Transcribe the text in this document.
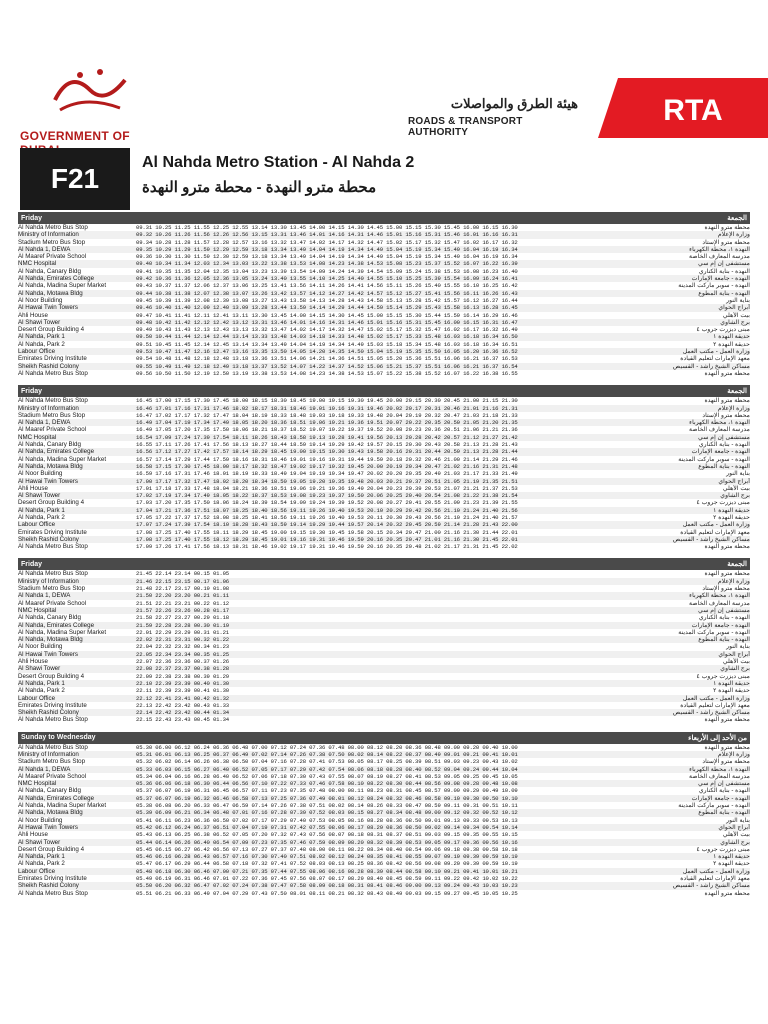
GOVERNMENT OF
هيئة الطرق والمواصلات
ROADS & TRANSPORT AUTHORITY
RTA
F21
Al Nahda Metro Station - Al Nahda 2
محطة مترو النهدة - محطة مترو النهدة
Friday	الجمعة
Al Nahda Metro Bus Stop	09.31 10.25 11.25 11.55 12.25 12.55 13.14 13.30 13.45 14.00 14.15 14.30 14.45 15.00 15.15 15.30 15.45 16.00 16.15 16.30	محطة مترو النهدة
Ministry of Information	09.32 10.26 11.26 11.56 12.26 12.56 13.15 13.31 13.46 14.01 14.16 14.31 14.46 15.01 15.16 15.31 15.46 16.01 16.16 16.31	وزارة الإعلام
Stadium Metro Bus Stop	09.34 10.28 11.28 11.57 12.28 12.57 13.16 13.32 13.47 14.02 14.17 14.32 14.47 15.02 15.17 15.32 15.47 16.02 16.17 16.32	محطة مترو الإستاد
Al Nahda 1, DEWA	09.35 10.29 11.29 11.59 12.29 12.59 13.18 13.34 13.49 14.04 14.19 14.34 14.49 15.04 15.19 15.34 15.49 16.04 16.19 16.34	النهدة ١، محطة الكهرباء
Al Maaref Private School	09.36 10.30 11.30 11.59 12.30 12.59 13.18 13.34 13.49 14.04 14.19 14.34 14.49 15.04 15.19 15.34 15.49 16.04 16.19 16.34	مدرسة المعارف الخاصة
NMC Hospital	09.40 10.34 11.34 12.03 12.34 13.03 13.22 13.38 13.53 14.08 14.23 14.38 14.53 15.08 15.23 15.37 15.52 16.07 16.22 16.39	مستشفى إن إم سي
Al Nahda, Canary Bldg	09.41 10.35 11.35 12.04 12.35 13.04 13.23 13.39 13.54 14.09 14.24 14.39 14.54 15.09 15.24 15.38 15.53 16.08 16.23 16.40	النهدة - بناية الكناري
Al Nahda, Emirates College	09.42 10.36 11.36 12.05 12.36 13.05 13.24 13.40 13.55 14.10 14.25 14.40 14.55 15.10 15.25 15.39 15.54 16.09 16.24 16.41	النهدة - جامعة الإمارات
Al Nahda, Madina Super Market	09.43 10.37 11.37 12.06 12.37 13.06 13.25 13.41 13.56 14.11 14.26 14.41 14.56 15.11 15.26 15.40 15.55 16.10 16.25 16.42	النهدة - سوبر ماركت المدينة
Al Nahda, Motawa Bldg	09.44 10.38 11.38 12.07 12.38 13.07 13.26 13.42 13.57 14.12 14.27 14.42 14.57 15.12 15.27 15.41 15.56 16.11 16.26 16.43	النهدة - بناية المطوع
Al Noor Building	09.45 10.39 11.39 12.08 12.39 13.08 13.27 13.43 13.58 14.13 14.28 14.43 14.58 15.13 15.28 15.42 15.57 16.12 16.27 16.44	بناية النور
Al Hawai Twin Towers	09.46 10.40 11.40 12.09 12.40 13.09 13.28 13.44 13.59 14.14 14.29 14.44 14.59 15.14 15.29 15.43 15.58 16.13 16.28 16.45	أبراج الحواي
Ahli House	09.47 10.41 11.41 12.11 12.41 13.11 13.30 13.45 14.00 14.15 14.30 14.45 15.00 15.15 15.30 15.44 15.59 16.14 16.29 16.46	بيت الأهلي
Al Shawi Tower	09.48 10.42 11.42 12.12 12.42 13.12 13.31 13.46 14.01 14.16 14.31 14.46 15.01 15.16 15.31 15.45 16.00 16.15 16.31 16.47	برج الشاوي
Desert Group Building 4	09.49 10.43 11.43 12.13 12.43 13.13 13.32 13.47 14.02 14.17 14.32 14.47 15.02 15.17 15.32 15.47 16.02 16.17 16.32 16.49	مبنى ديزرت جروب ٤
Al Nahda, Park 1	09.50 10.44 11.44 12.14 12.44 13.14 13.33 13.48 14.03 14.18 14.33 14.48 15.02 15.17 15.33 15.48 16.03 16.18 16.34 16.50	حديقة النهدة ١
Al Nahda, Park 2	09.51 10.45 11.45 12.14 12.45 13.14 13.34 13.49 14.04 14.19 14.34 14.49 15.03 15.18 15.34 15.48 16.03 16.18 16.34 16.51	حديقة النهدة ٢
Labour Office	09.53 10.47 11.47 12.16 12.47 13.16 13.35 13.50 14.05 14.20 14.35 14.50 15.04 15.19 15.35 15.50 16.05 16.20 16.36 16.52	وزارة العمل - مكتب العمل
Emirates Driving Institute	09.54 10.48 11.48 12.18 12.48 13.18 13.36 13.51 14.06 14.21 14.36 14.51 15.05 15.20 15.36 15.51 16.06 16.21 16.37 16.53	معهد الإمارات لتعليم القيادة
Sheikh Rashid Colony	09.55 10.49 11.49 12.18 12.49 13.18 13.37 13.52 14.07 14.22 14.37 14.52 15.06 15.21 15.37 15.51 16.06 16.21 16.37 16.54	مساكن الشيخ راشد - القسيص
Al Nahda Metro Bus Stop	09.56 10.50 11.50 12.19 12.50 13.19 13.38 13.53 14.08 14.23 14.38 14.53 15.07 15.22 15.38 15.52 16.07 16.22 16.38 16.55	محطة مترو النهدة
Friday	الجمعة
Al Nahda Metro Bus Stop	16.45 17.00 17.15 17.30 17.45 18.00 18.15 18.30 18.45 19.00 19.15 19.30 19.45 20.00 20.15 20.30 20.45 21.00 21.15 21.30	محطة مترو النهدة
Ministry of Information	16.46 17.01 17.16 17.31 17.46 18.02 18.17 18.31 18.46 19.01 19.16 19.31 19.46 20.02 20.17 20.31 20.46 21.01 21.16 21.31	وزارة الإعلام
Stadium Metro Bus Stop	16.47 17.02 17.17 17.32 17.47 18.04 18.19 18.33 18.48 19.03 19.18 19.33 19.48 20.04 20.19 20.32 20.47 21.03 21.18 21.33	محطة مترو الإستاد
Al Nahda 1, DEWA	16.49 17.04 17.19 17.34 17.49 18.05 18.20 18.36 18.51 19.06 19.21 19.36 19.51 20.07 20.22 20.35 20.50 21.05 21.20 21.35	النهدة ١، محطة الكهرباء
Al Maaref Private School	16.49 17.05 17.20 17.35 17.50 18.06 18.21 18.37 18.52 19.07 19.22 19.37 19.52 20.08 20.23 20.36 20.51 21.06 21.21 21.36	مدرسة المعارف الخاصة
NMC Hospital	16.54 17.09 17.24 17.39 17.54 18.11 18.26 18.43 18.58 19.13 19.28 19.41 19.56 20.13 20.28 20.42 20.57 21.12 21.27 21.42	مستشفى إن إم سي
Al Nahda, Canary Bldg	16.55 17.11 17.26 17.41 17.56 18.13 18.27 18.44 18.59 19.14 19.29 19.42 19.57 20.15 20.30 20.43 20.58 21.13 21.28 21.43	النهدة - بناية الكناري
Al Nahda, Emirates College	16.56 17.12 17.27 17.42 17.57 18.14 18.29 18.45 19.00 19.15 19.30 19.43 19.58 20.16 20.31 20.44 20.59 21.13 21.28 21.44	النهدة - جامعة الإمارات
Al Nahda, Madina Super Market	16.57 17.14 17.29 17.44 17.59 18.16 18.31 18.46 19.01 19.16 19.31 19.44 19.59 20.18 20.32 20.46 21.00 21.14 21.29 21.46	النهدة - سوبر ماركت المدينة
Al Nahda, Motawa Bldg	16.58 17.15 17.30 17.45 18.00 18.17 18.32 18.47 19.02 19.17 19.32 19.45 20.00 20.19 20.34 20.47 21.02 21.16 21.31 21.48	النهدة - بناية المطوع
Al Noor Building	16.59 17.16 17.31 17.46 18.01 18.19 18.33 18.49 19.04 19.19 19.34 19.47 20.02 20.20 20.35 20.49 21.03 21.17 21.33 21.49	بناية النور
Al Hawai Twin Towers	17.00 17.17 17.32 17.47 18.02 18.20 18.34 18.50 19.05 19.20 19.35 19.48 20.03 20.21 20.37 20.51 21.05 21.19 21.35 21.51	أبراج الحواي
Ahli House	17.01 17.18 17.33 17.48 18.04 18.21 18.36 18.51 19.06 19.21 19.36 19.49 20.04 20.23 20.39 20.53 21.07 21.21 21.37 21.53	بيت الأهلي
Al Shawi Tower	17.02 17.19 17.34 17.49 18.05 18.22 18.37 18.53 19.08 19.23 19.37 19.50 20.06 20.25 20.40 20.54 21.08 21.22 21.38 21.54	برج الشاوي
Desert Group Building 4	17.03 17.20 17.35 17.50 18.06 18.24 18.39 18.54 19.09 19.24 19.39 19.52 20.08 20.27 20.41 20.55 21.09 21.23 21.39 21.55	مبنى ديزرت جروب ٤
Al Nahda, Park 1	17.04 17.21 17.36 17.51 18.07 18.25 18.40 18.56 19.11 19.26 19.40 19.53 20.10 20.29 20.42 20.56 21.10 21.24 21.40 21.56	حديقة النهدة ١
Al Nahda, Park 2	17.05 17.22 17.37 17.52 18.08 18.25 18.41 18.56 19.11 19.26 19.40 19.53 20.11 20.30 20.43 20.56 21.10 21.24 21.40 21.57	حديقة النهدة ٢
Labour Office	17.07 17.24 17.39 17.54 18.10 18.28 18.43 18.59 19.14 19.29 19.44 19.57 20.14 20.32 20.45 20.59 21.14 21.28 21.43 22.00	وزارة العمل - مكتب العمل
Emirates Driving Institute	17.08 17.25 17.40 17.55 18.11 18.29 18.45 19.00 19.15 19.30 19.45 19.58 20.15 20.34 20.47 21.00 21.16 21.30 21.44 22.01	معهد الإمارات لتعليم القيادة
Sheikh Rashid Colony	17.08 17.25 17.40 17.55 18.12 18.29 18.45 19.01 19.16 19.31 19.46 19.59 20.16 20.35 20.47 21.01 21.16 21.30 21.45 22.01	مساكن الشيخ راشد - القسيص
Al Nahda Metro Bus Stop	17.09 17.26 17.41 17.56 18.13 18.31 18.46 19.02 19.17 19.31 19.46 19.59 20.16 20.35 20.48 21.02 21.17 21.31 21.45 22.02	محطة مترو النهدة
Friday	الجمعة
Al Nahda Metro Bus Stop	21.45 22.14 23.14 00.15 01.05	محطة مترو النهدة
Ministry of Information	21.46 22.15 23.15 00.17 01.06	وزارة الإعلام
Stadium Metro Bus Stop	21.48 22.17 23.17 00.19 01.08	محطة مترو الإستاد
Al Nahda 1, DEWA	21.50 22.20 23.20 00.21 01.11	النهدة ١، محطة الكهرباء
Al Maaref Private School	21.51 22.21 23.21 00.22 01.12	مدرسة المعارف الخاصة
NMC Hospital	21.57 22.26 23.26 00.28 01.17	مستشفى إن إم سي
Al Nahda, Canary Bldg	21.58 22.27 23.27 00.29 01.18	النهدة - بناية الكناري
Al Nahda, Emirates College	21.59 22.28 23.28 00.30 01.19	النهدة - جامعة الإمارات
Al Nahda, Madina Super Market	22.01 22.29 23.29 00.31 01.21	النهدة - سوبر ماركت المدينة
Al Nahda, Motawa Bldg	22.02 22.31 23.31 00.32 01.22	النهدة - بناية المطوع
Al Noor Building	22.04 22.32 23.32 00.34 01.23	بناية النور
Al Hawai Twin Towers	22.05 22.34 23.34 00.35 01.25	أبراج الحواي
Ahli House	22.07 22.36 23.36 00.37 01.26	بيت الأهلي
Al Shawi Tower	22.08 22.37 23.37 00.38 01.28	برج الشاوي
Desert Group Building 4	22.09 22.38 23.38 00.39 01.29	مبنى ديزرت جروب ٤
Al Nahda, Park 1	22.10 22.39 23.39 00.40 01.30	حديقة النهدة ١
Al Nahda, Park 2	22.11 22.39 23.39 00.41 01.30	حديقة النهدة ٢
Labour Office	22.12 22.41 23.41 00.42 01.32	وزارة العمل - مكتب العمل
Emirates Driving Institute	22.13 22.42 23.42 00.43 01.33	معهد الإمارات لتعليم القيادة
Sheikh Rashid Colony	22.14 22.42 23.42 00.44 01.34	مساكن الشيخ راشد - القسيص
Al Nahda Metro Bus Stop	22.15 22.43 23.43 00.45 01.34	محطة مترو النهدة
Sunday to Wednesday	من الأحد إلى الأربعاء
Al Nahda Metro Bus Stop	05.30 06.00 06.12 06.24 06.36 06.48 07.00 07.12 07.24 07.36 07.48 08.00 08.12 08.20 08.36 08.48 09.00 09.20 09.40 10.00	محطة مترو النهدة
Ministry of Information	05.31 06.01 06.13 06.25 06.37 06.49 07.02 07.14 07.26 07.38 07.50 08.02 08.14 08.22 08.37 08.49 09.01 09.21 09.41 10.01	وزارة الإعلام
Stadium Metro Bus Stop	05.32 06.02 06.14 06.26 06.38 06.50 07.04 07.16 07.28 07.41 07.53 08.05 08.17 08.25 08.39 08.51 09.03 09.23 09.43 10.02	محطة مترو الإستاد
Al Nahda 1, DEWA	05.33 06.03 06.15 06.27 06.40 06.52 07.05 07.17 07.29 07.42 07.54 08.06 08.18 08.28 08.40 08.52 09.04 09.24 09.44 10.04	النهدة ١، محطة الكهرباء
Al Maaref Private School	05.34 06.04 06.16 06.28 06.40 06.52 07.06 07.18 07.30 07.43 07.55 08.07 08.19 08.27 08.41 08.53 09.05 09.25 09.45 10.05	مدرسة المعارف الخاصة
NMC Hospital	05.36 06.06 06.18 06.30 06.44 06.56 07.10 07.22 07.33 07.46 07.58 08.10 08.22 08.30 08.44 08.56 09.08 09.28 09.48 10.08	مستشفى إن إم سي
Al Nahda, Canary Bldg	05.37 06.07 06.19 06.31 06.45 06.57 07.11 07.23 07.35 07.48 08.00 08.11 08.23 08.31 08.45 08.57 09.09 09.29 09.49 10.09	النهدة - بناية الكناري
Al Nahda, Emirates College	05.37 06.07 06.19 06.32 06.46 06.58 07.13 07.25 07.36 07.49 08.01 08.12 08.24 08.32 08.46 08.58 09.10 09.30 09.50 10.10	النهدة - جامعة الإمارات
Al Nahda, Madina Super Market	05.38 06.08 06.20 06.33 06.47 06.59 07.14 07.26 07.38 07.51 08.02 08.14 08.26 08.33 08.47 08.59 09.11 09.31 09.51 10.11	النهدة - سوبر ماركت المدينة
Al Nahda, Motawa Bldg	05.39 06.09 06.21 06.34 06.48 07.01 07.16 07.28 07.39 07.52 08.03 08.15 08.27 08.34 08.48 09.00 09.12 09.32 09.52 10.12	النهدة - بناية المطوع
Al Noor Building	05.41 06.11 06.23 06.36 06.50 07.02 07.17 07.29 07.40 07.53 08.05 08.16 08.28 08.36 08.50 09.01 09.13 09.33 09.53 10.13	بناية النور
Al Hawai Twin Towers	05.42 06.12 06.24 06.37 06.51 07.04 07.19 07.31 07.42 07.55 08.06 08.17 08.29 08.36 08.50 09.02 09.14 09.34 09.54 10.14	أبراج الحواي
Ahli House	05.43 06.13 06.25 06.38 06.52 07.05 07.20 07.32 07.43 07.56 08.07 08.18 08.31 08.37 08.51 09.03 09.15 09.35 09.55 10.15	بيت الأهلي
Al Shawi Tower	05.44 06.14 06.26 06.40 06.54 07.09 07.23 07.35 07.46 07.59 08.09 08.20 08.32 08.39 08.53 09.05 09.17 09.36 09.56 10.16	برج الشاوي
Desert Group Building 4	05.45 06.15 06.27 06.42 06.56 07.13 07.27 07.37 07.48 08.00 08.11 08.22 08.34 08.40 08.54 09.06 09.18 09.38 09.58 10.18	مبنى ديزرت جروب ٤
Al Nahda, Park 1	05.46 06.16 06.28 06.43 06.57 07.16 07.30 07.40 07.51 08.02 08.12 08.24 08.35 08.41 08.55 09.07 09.19 09.39 09.59 10.19	حديقة النهدة ١
Al Nahda, Park 2	05.47 06.17 06.29 06.44 06.58 07.18 07.32 07.41 07.52 08.03 08.13 08.25 08.36 08.42 08.56 09.08 09.20 09.39 09.59 10.19	حديقة النهدة ٢
Labour Office	05.48 06.18 06.30 06.46 07.00 07.21 07.35 07.44 07.55 08.06 08.16 08.28 08.39 08.44 08.58 09.10 09.21 09.41 10.01 10.21	وزارة العمل - مكتب العمل
Emirates Driving Institute	05.49 06.19 06.31 06.46 07.01 07.22 07.36 07.45 07.56 08.07 08.17 08.29 08.40 08.45 08.59 09.11 09.22 09.42 10.02 10.22	معهد الإمارات لتعليم القيادة
Sheikh Rashid Colony	05.50 06.20 06.32 06.47 07.02 07.24 07.38 07.47 07.58 08.09 08.18 08.31 08.41 08.46 09.00 09.13 09.24 09.43 10.03 10.23	مساكن الشيخ راشد - القسيص
Al Nahda Metro Bus Stop	05.51 06.21 06.33 06.49 07.04 07.29 07.43 07.50 08.01 08.11 08.21 08.32 08.43 08.49 09.03 09.15 09.27 09.45 10.05 10.25	محطة مترو النهدة
